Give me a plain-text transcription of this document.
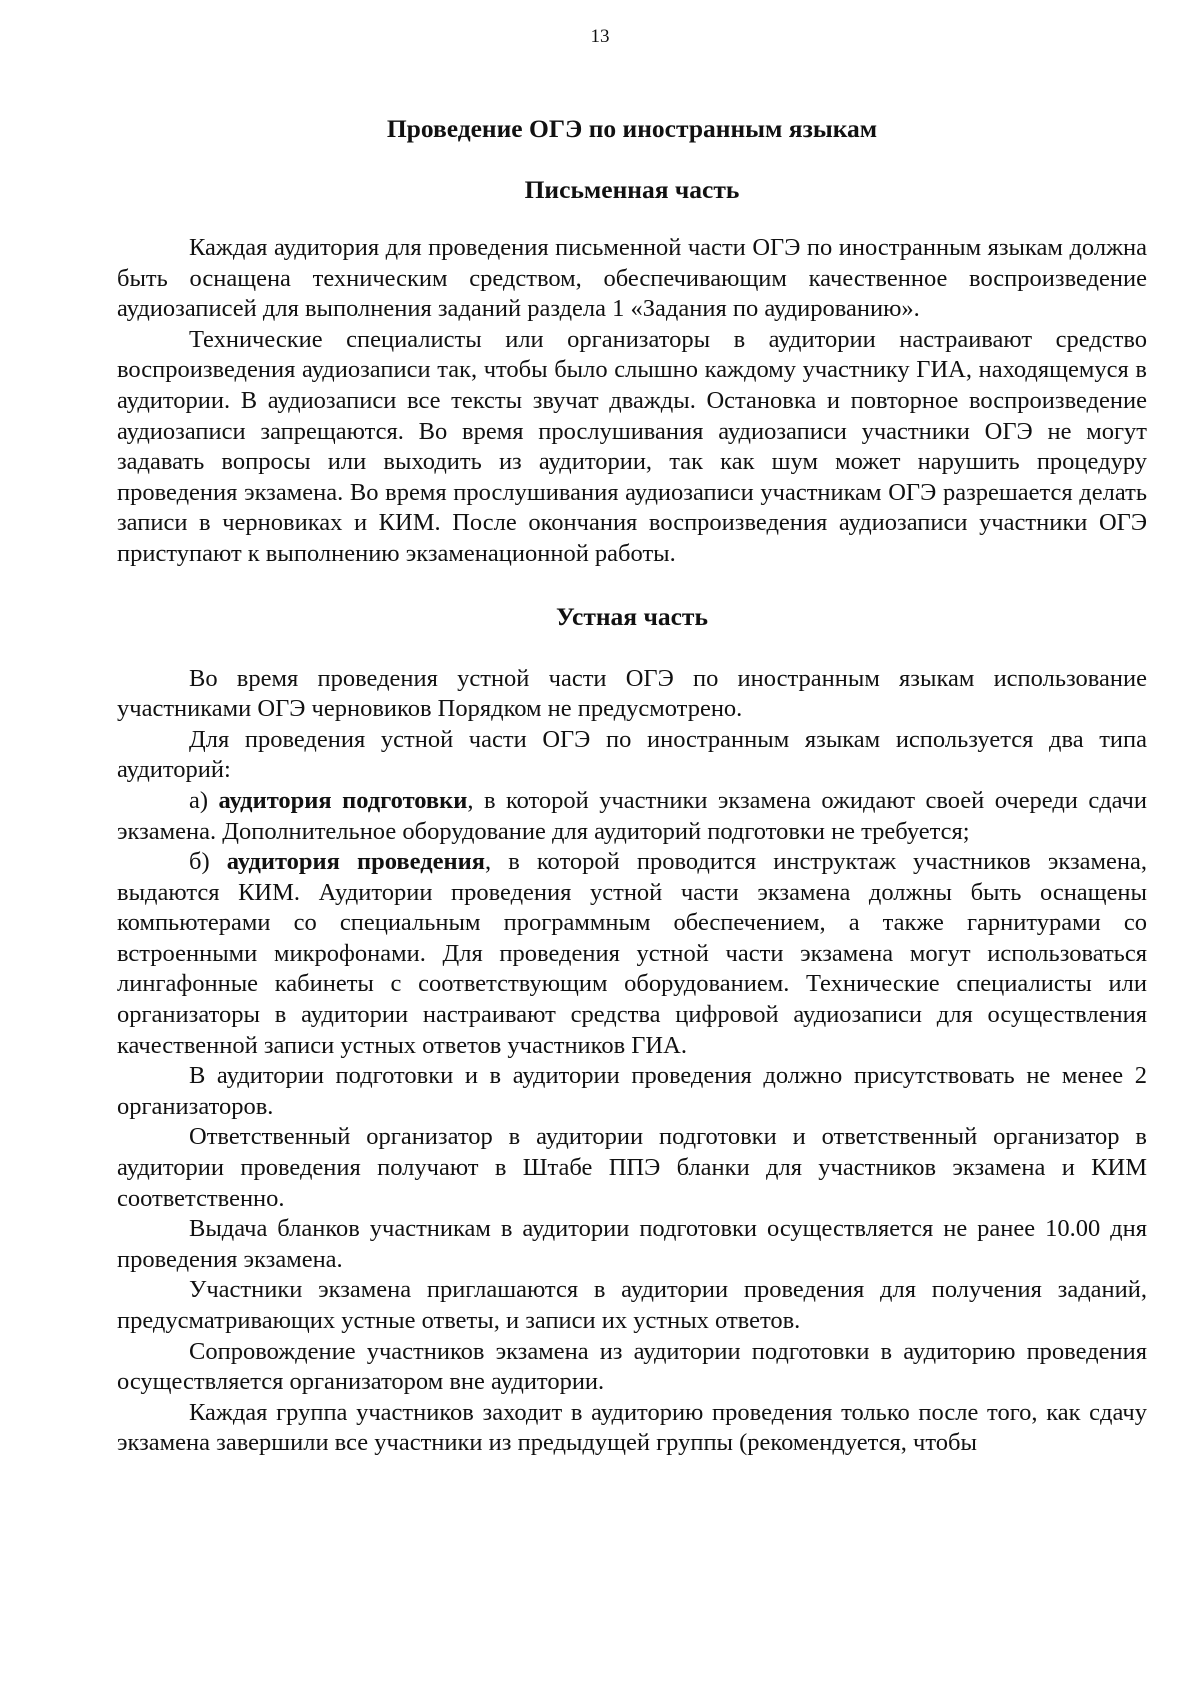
13
Проведение ОГЭ по иностранным языкам
Письменная часть

Каждая аудитория для проведения письменной части ОГЭ по иностранным языкам должна быть оснащена техническим средством, обеспечивающим качественное воспроизведение аудиозаписей для выполнения заданий раздела 1 «Задания по аудированию».

Технические специалисты или организаторы в аудитории настраивают средство воспроизведения аудиозаписи так, чтобы было слышно каждому участнику ГИА, находящемуся в аудитории. В аудиозаписи все тексты звучат дважды. Остановка и повторное воспроизведение аудиозаписи запрещаются. Во время прослушивания аудиозаписи участники ОГЭ не могут задавать вопросы или выходить из аудитории, так как шум может нарушить процедуру проведения экзамена. Во время прослушивания аудиозаписи участникам ОГЭ разрешается делать записи в черновиках и КИМ. После окончания воспроизведения аудиозаписи участники ОГЭ приступают к выполнению экзаменационной работы.

Устная часть

Во время проведения устной части ОГЭ по иностранным языкам использование участниками ОГЭ черновиков Порядком не предусмотрено.

Для проведения устной части ОГЭ по иностранным языкам используется два типа аудиторий:

а) аудитория подготовки, в которой участники экзамена ожидают своей очереди сдачи экзамена. Дополнительное оборудование для аудиторий подготовки не требуется;

б) аудитория проведения, в которой проводится инструктаж участников экзамена, выдаются КИМ. Аудитории проведения устной части экзамена должны быть оснащены компьютерами со специальным программным обеспечением, а также гарнитурами со встроенными микрофонами. Для проведения устной части экзамена могут использоваться лингафонные кабинеты с соответствующим оборудованием. Технические специалисты или организаторы в аудитории настраивают средства цифровой аудиозаписи для осуществления качественной записи устных ответов участников ГИА.

В аудитории подготовки и в аудитории проведения должно присутствовать не менее 2 организаторов.

Ответственный организатор в аудитории подготовки и ответственный организатор в аудитории проведения получают в Штабе ППЭ бланки для участников экзамена и КИМ соответственно.

Выдача бланков участникам в аудитории подготовки осуществляется не ранее 10.00 дня проведения экзамена.

Участники экзамена приглашаются в аудитории проведения для получения заданий, предусматривающих устные ответы, и записи их устных ответов.

Сопровождение участников экзамена из аудитории подготовки в аудиторию проведения осуществляется организатором вне аудитории.

Каждая группа участников заходит в аудиторию проведения только после того, как сдачу экзамена завершили все участники из предыдущей группы (рекомендуется, чтобы
